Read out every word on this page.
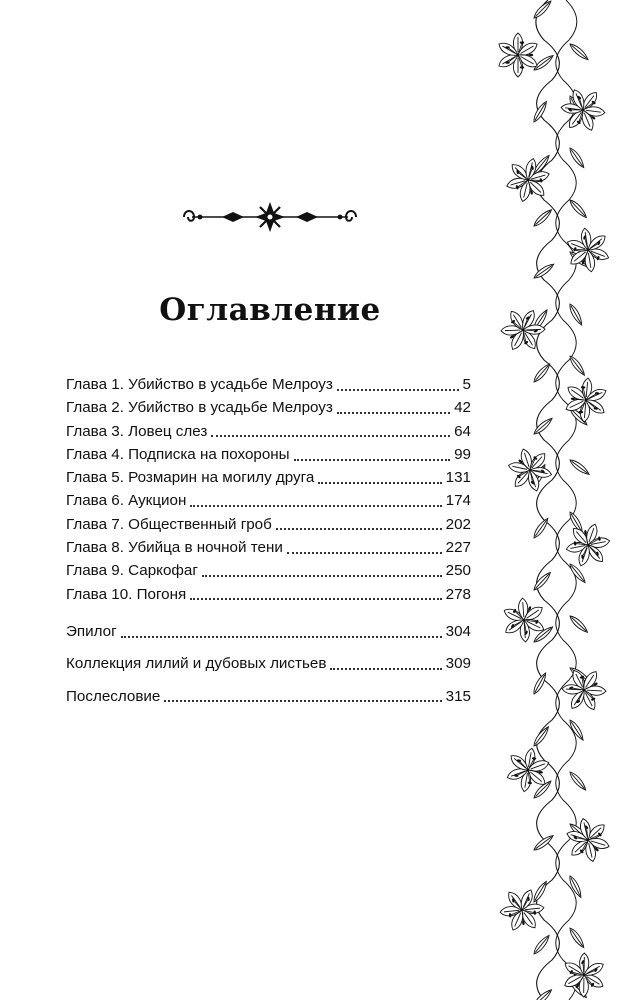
Оглавление
Глава 1. Убийство в усадьбе Мелроуз	5
Глава 2. Убийство в усадьбе Мелроуз	42
Глава 3. Ловец слез	64
Глава 4. Подписка на похороны	99
Глава 5. Розмарин на могилу друга	131
Глава 6. Аукцион	174
Глава 7. Общественный гроб	202
Глава 8. Убийца в ночной тени	227
Глава 9. Саркофаг	250
Глава 10. Погоня	278
Эпилог	304
Коллекция лилий и дубовых листьев	309
Послесловие	315
